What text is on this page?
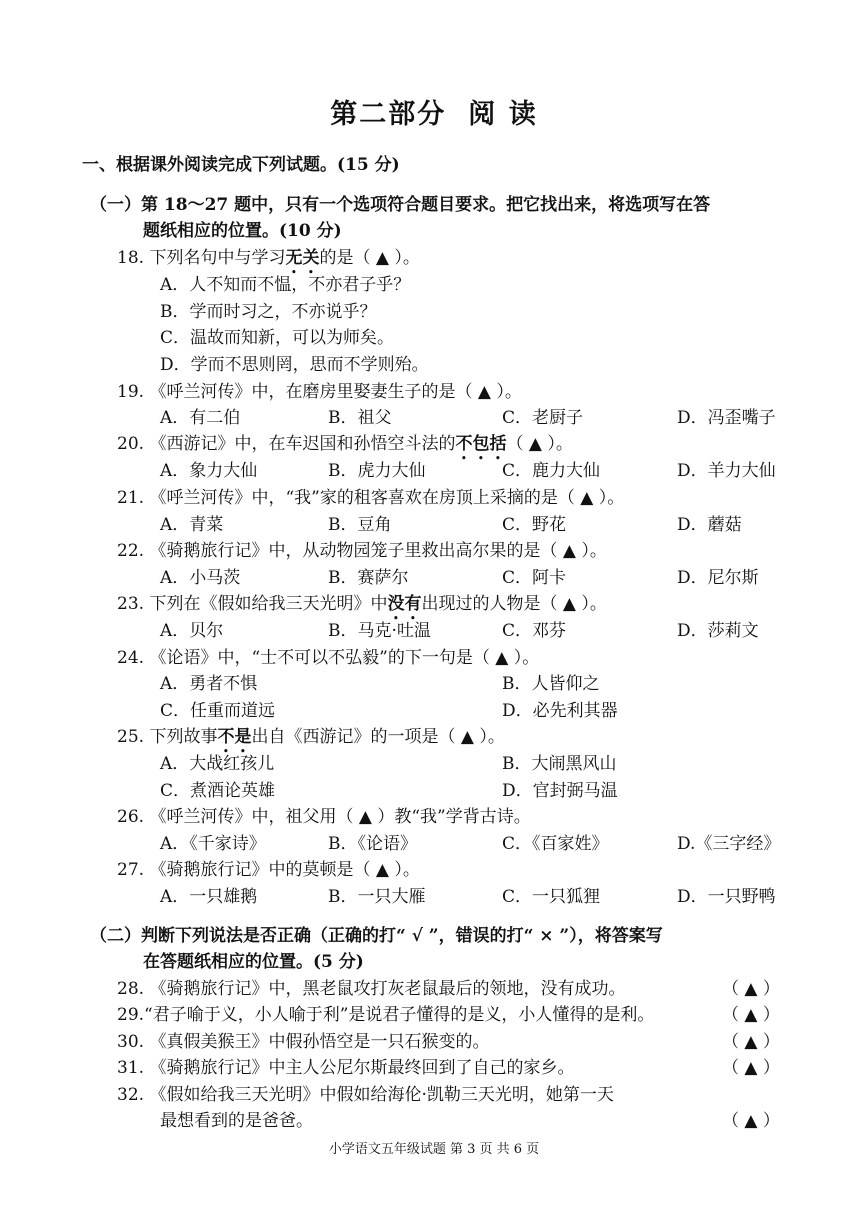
第二部分 阅 读
一、根据课外阅读完成下列试题。(15 分)
（一）第 18～27 题中，只有一个选项符合题目要求。把它找出来，将选项写在答
题纸相应的位置。(10 分)
18. 下列名句中与学习无关的是（ ▲ ）。
A．人不知而不愠，不亦君子乎？
B．学而时习之，不亦说乎？
C．温故而知新，可以为师矣。
D．学而不思则罔，思而不学则殆。
19. 《呼兰河传》中，在磨房里娶妻生子的是（ ▲ ）。
A．有二伯	B．祖父	C．老厨子	D．冯歪嘴子
20. 《西游记》中，在车迟国和孙悟空斗法的不包括（ ▲ ）。
A．象力大仙	B．虎力大仙	C．鹿力大仙	D．羊力大仙
21. 《呼兰河传》中，“我”家的租客喜欢在房顶上采摘的是（ ▲ ）。
A．青菜	B．豆角	C．野花	D．蘑菇
22. 《骑鹅旅行记》中，从动物园笼子里救出高尔果的是（ ▲ ）。
A．小马茨	B．赛萨尔	C．阿卡	D．尼尔斯
23. 下列在《假如给我三天光明》中没有出现过的人物是（ ▲ ）。
A．贝尔	B．马克·吐温	C．邓芬	D．莎莉文
24. 《论语》中，“士不可以不弘毅”的下一句是（ ▲ ）。
A．勇者不惧	B．人皆仰之
C．任重而道远	D．必先利其器
25. 下列故事不是出自《西游记》的一项是（ ▲ ）。
A．大战红孩儿	B．大闹黑风山
C．煮酒论英雄	D．官封弼马温
26. 《呼兰河传》中，祖父用（ ▲ ）教“我”学背古诗。
A．《千家诗》	B．《论语》	C．《百家姓》	D.《三字经》
27. 《骑鹅旅行记》中的莫顿是（ ▲ ）。
A．一只雄鹅	B．一只大雁	C．一只狐狸	D．一只野鸭
（二）判断下列说法是否正确（正确的打“ √ ”，错误的打“ × ”），将答案写
在答题纸相应的位置。(5 分)
28. 《骑鹅旅行记》中，黑老鼠攻打灰老鼠最后的领地，没有成功。	（ ▲ ）
29.“君子喻于义，小人喻于利”是说君子懂得的是义，小人懂得的是利。	（ ▲ ）
30. 《真假美猴王》中假孙悟空是一只石猴变的。	（ ▲ ）
31. 《骑鹅旅行记》中主人公尼尔斯最终回到了自己的家乡。	（ ▲ ）
32. 《假如给我三天光明》中假如给海伦·凯勒三天光明，她第一天
最想看到的是爸爸。	（ ▲ ）
小学语文五年级试题 第 3 页 共 6 页
